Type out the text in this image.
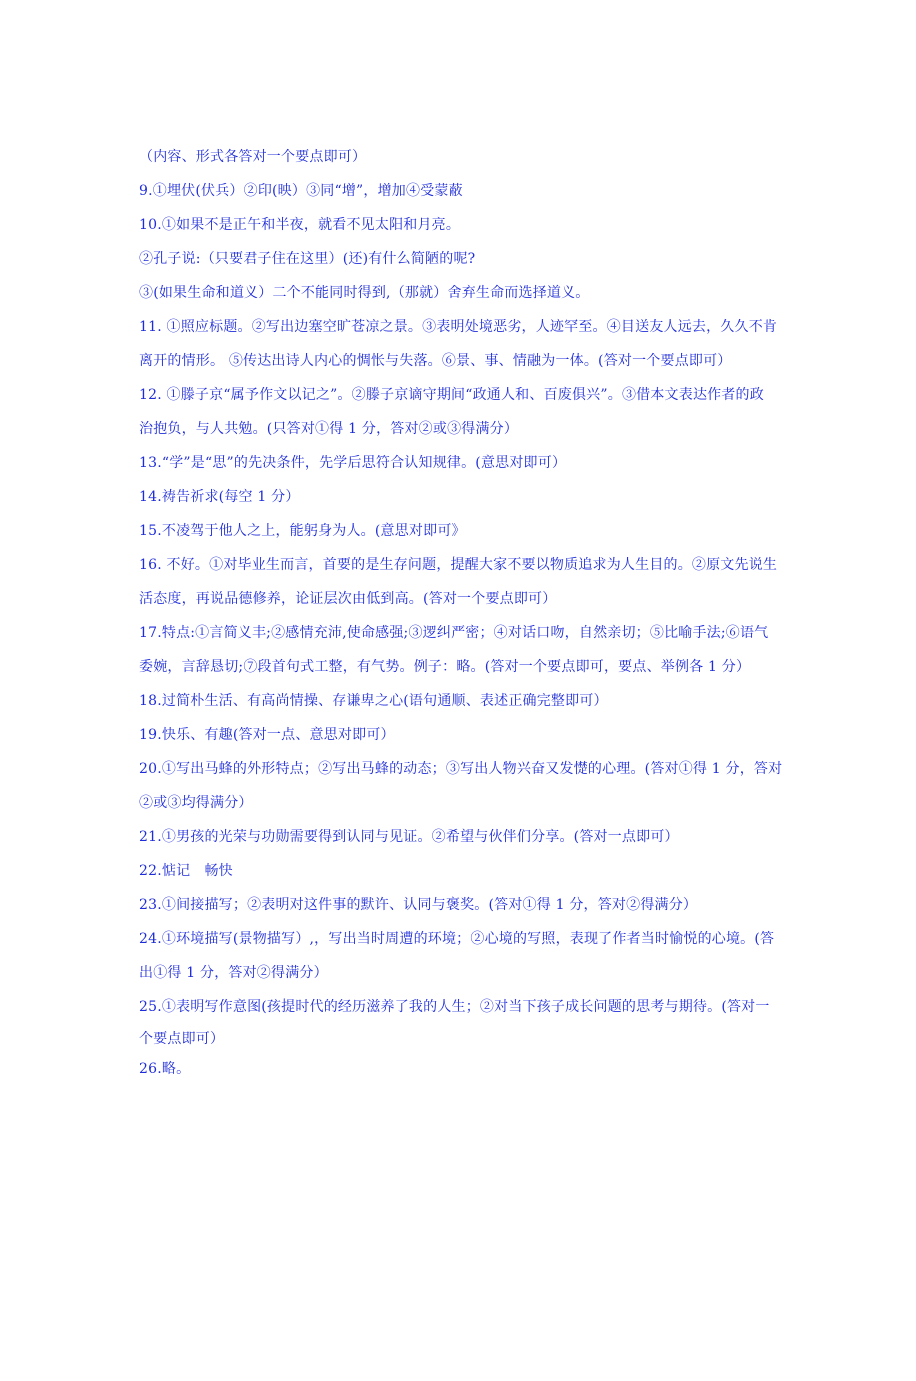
（内容、形式各答对一个要点即可）
9.①埋伏(伏兵）②印(映）③同“增”，增加④受蒙蔽
10.①如果不是正午和半夜，就看不见太阳和月亮。
②孔子说:（只要君子住在这里）(还)有什么简陋的呢?
③(如果生命和道义）二个不能同时得到,（那就）舍弃生命而选择道义。
11. ①照应标题。②写出边塞空旷苍凉之景。③表明处境恶劣，人迹罕至。④目送友人远去，久久不肯
离开的情形。 ⑤传达出诗人内心的惆怅与失落。⑥景、事、情融为一体。(答对一个要点即可）
12. ①滕子京“属予作文以记之”。②滕子京谪守期间“政通人和、百废俱兴”。③借本文表达作者的政
治抱负，与人共勉。(只答对①得 1 分，答对②或③得满分）
13.“学”是“思”的先决条件，先学后思符合认知规律。(意思对即可）
14.祷告祈求(每空 1 分）
15.不凌驾于他人之上，能躬身为人。(意思对即可》
16. 不好。①对毕业生而言，首要的是生存问题，提醒大家不要以物质追求为人生目的。②原文先说生
活态度，再说品德修养，论证层次由低到高。(答对一个要点即可）
17.特点:①言简义丰;②感情充沛,使命感强;③逻纠严密；④对话口吻，自然亲切；⑤比喻手法;⑥语气
委婉，言辞恳切;⑦段首句式工整，有气势。例子：略。(答对一个要点即可，要点、举例各 1 分）
18.过简朴生活、有高尚情操、存谦卑之心(语句通顺、表述正确完整即可）
19.快乐、有趣(答对一点、意思对即可）
20.①写出马蜂的外形特点；②写出马蜂的动态；③写出人物兴奋又发憷的心理。(答对①得 1 分，答对
②或③均得满分）
21.①男孩的光荣与功勋需要得到认同与见证。②希望与伙伴们分享。(答对一点即可）
22.惦记　畅快
23.①间接描写；②表明对这件事的默许、认同与褒奖。(答对①得 1 分，答对②得满分）
24.①环境描写(景物描写）,，写出当时周遭的环境；②心境的写照，表现了作者当时愉悦的心境。(答
出①得 1 分，答对②得满分）
25.①表明写作意图(孩提时代的经历滋养了我的人生；②对当下孩子成长问题的思考与期待。(答对一
个要点即可）
26.略。
